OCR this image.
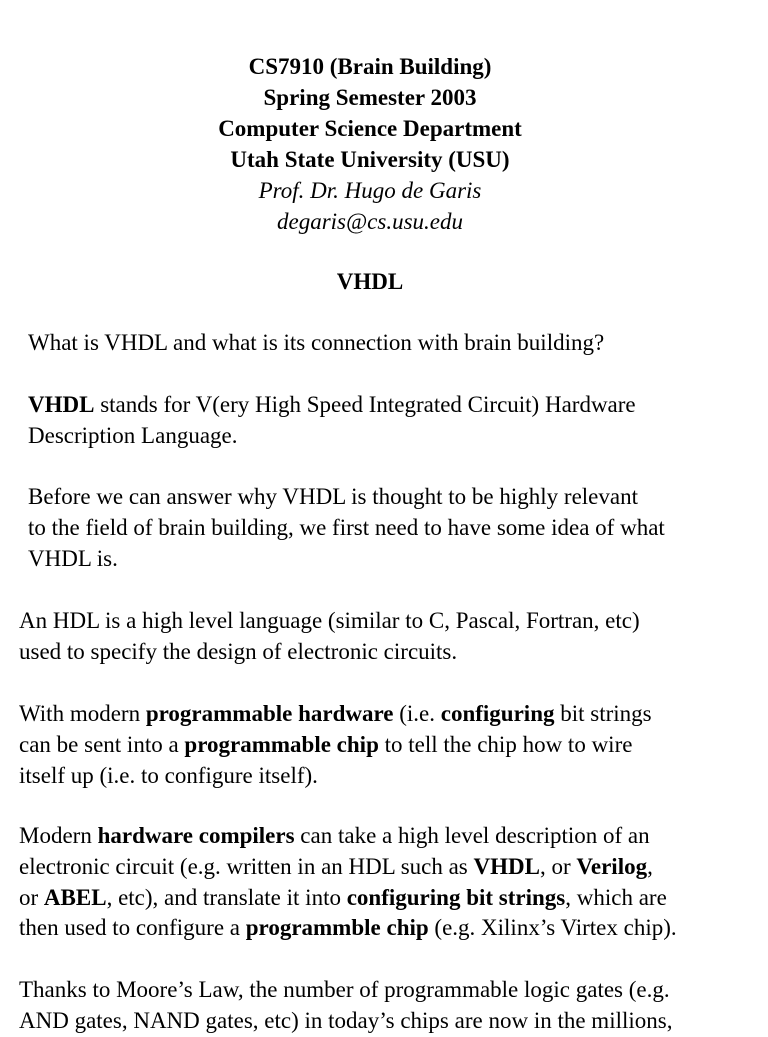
CS7910 (Brain Building)
Spring Semester 2003
Computer Science Department
Utah State University (USU)
Prof. Dr. Hugo de Garis
degaris@cs.usu.edu
VHDL

What is VHDL and what is its connection with brain building?

VHDL stands for V(ery High Speed Integrated Circuit) Hardware
Description Language.

Before we can answer why VHDL is thought to be highly relevant
to the field of brain building, we first need to have some idea of what
VHDL is.

An HDL is a high level language (similar to C, Pascal, Fortran, etc)
used to specify the design of electronic circuits.

With modern programmable hardware (i.e. configuring bit strings
can be sent into a programmable chip to tell the chip how to wire
itself up (i.e. to configure itself).

Modern hardware compilers can take a high level description of an
electronic circuit (e.g. written in an HDL such as VHDL, or Verilog,
or ABEL, etc), and translate it into configuring bit strings, which are
then used to configure a programmble chip (e.g. Xilinx’s Virtex chip).

Thanks to Moore’s Law, the number of programmable logic gates (e.g.
AND gates, NAND gates, etc) in today’s chips are now in the millions,
